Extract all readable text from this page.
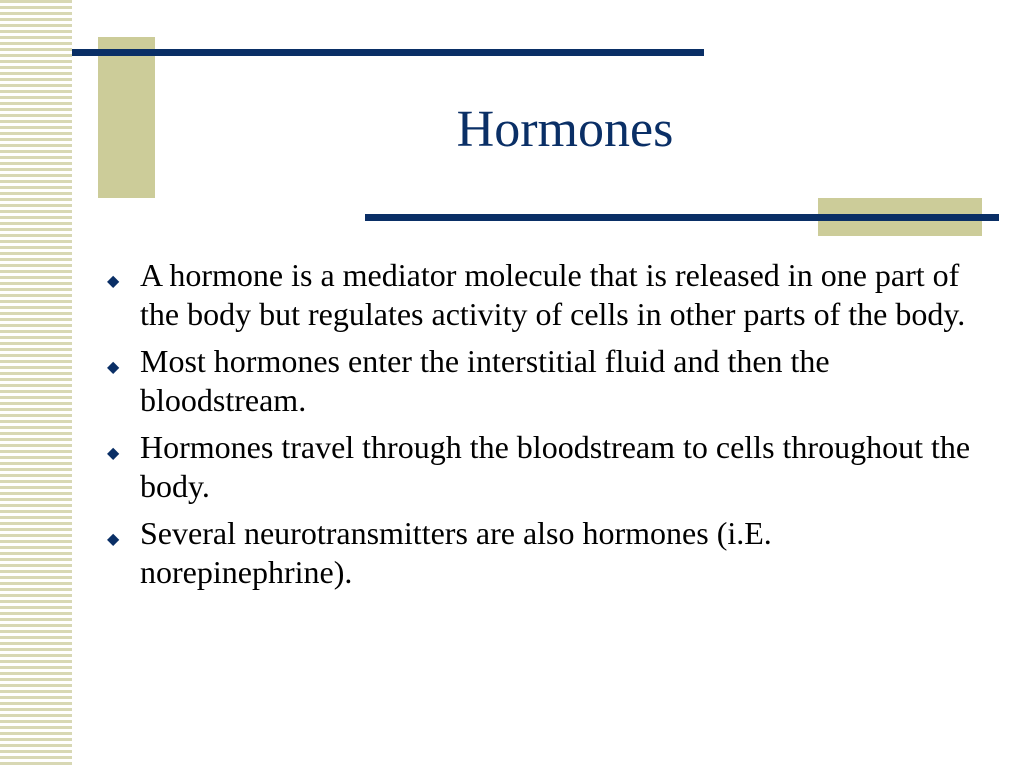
Hormones
◆ A hormone is a mediator molecule that is released in one part of the body but regulates activity of cells in other parts of the body.
◆ Most hormones enter the interstitial fluid and then the bloodstream.
◆ Hormones travel through the bloodstream to cells throughout the body.
◆ Several neurotransmitters are also hormones (i.E. norepinephrine).
